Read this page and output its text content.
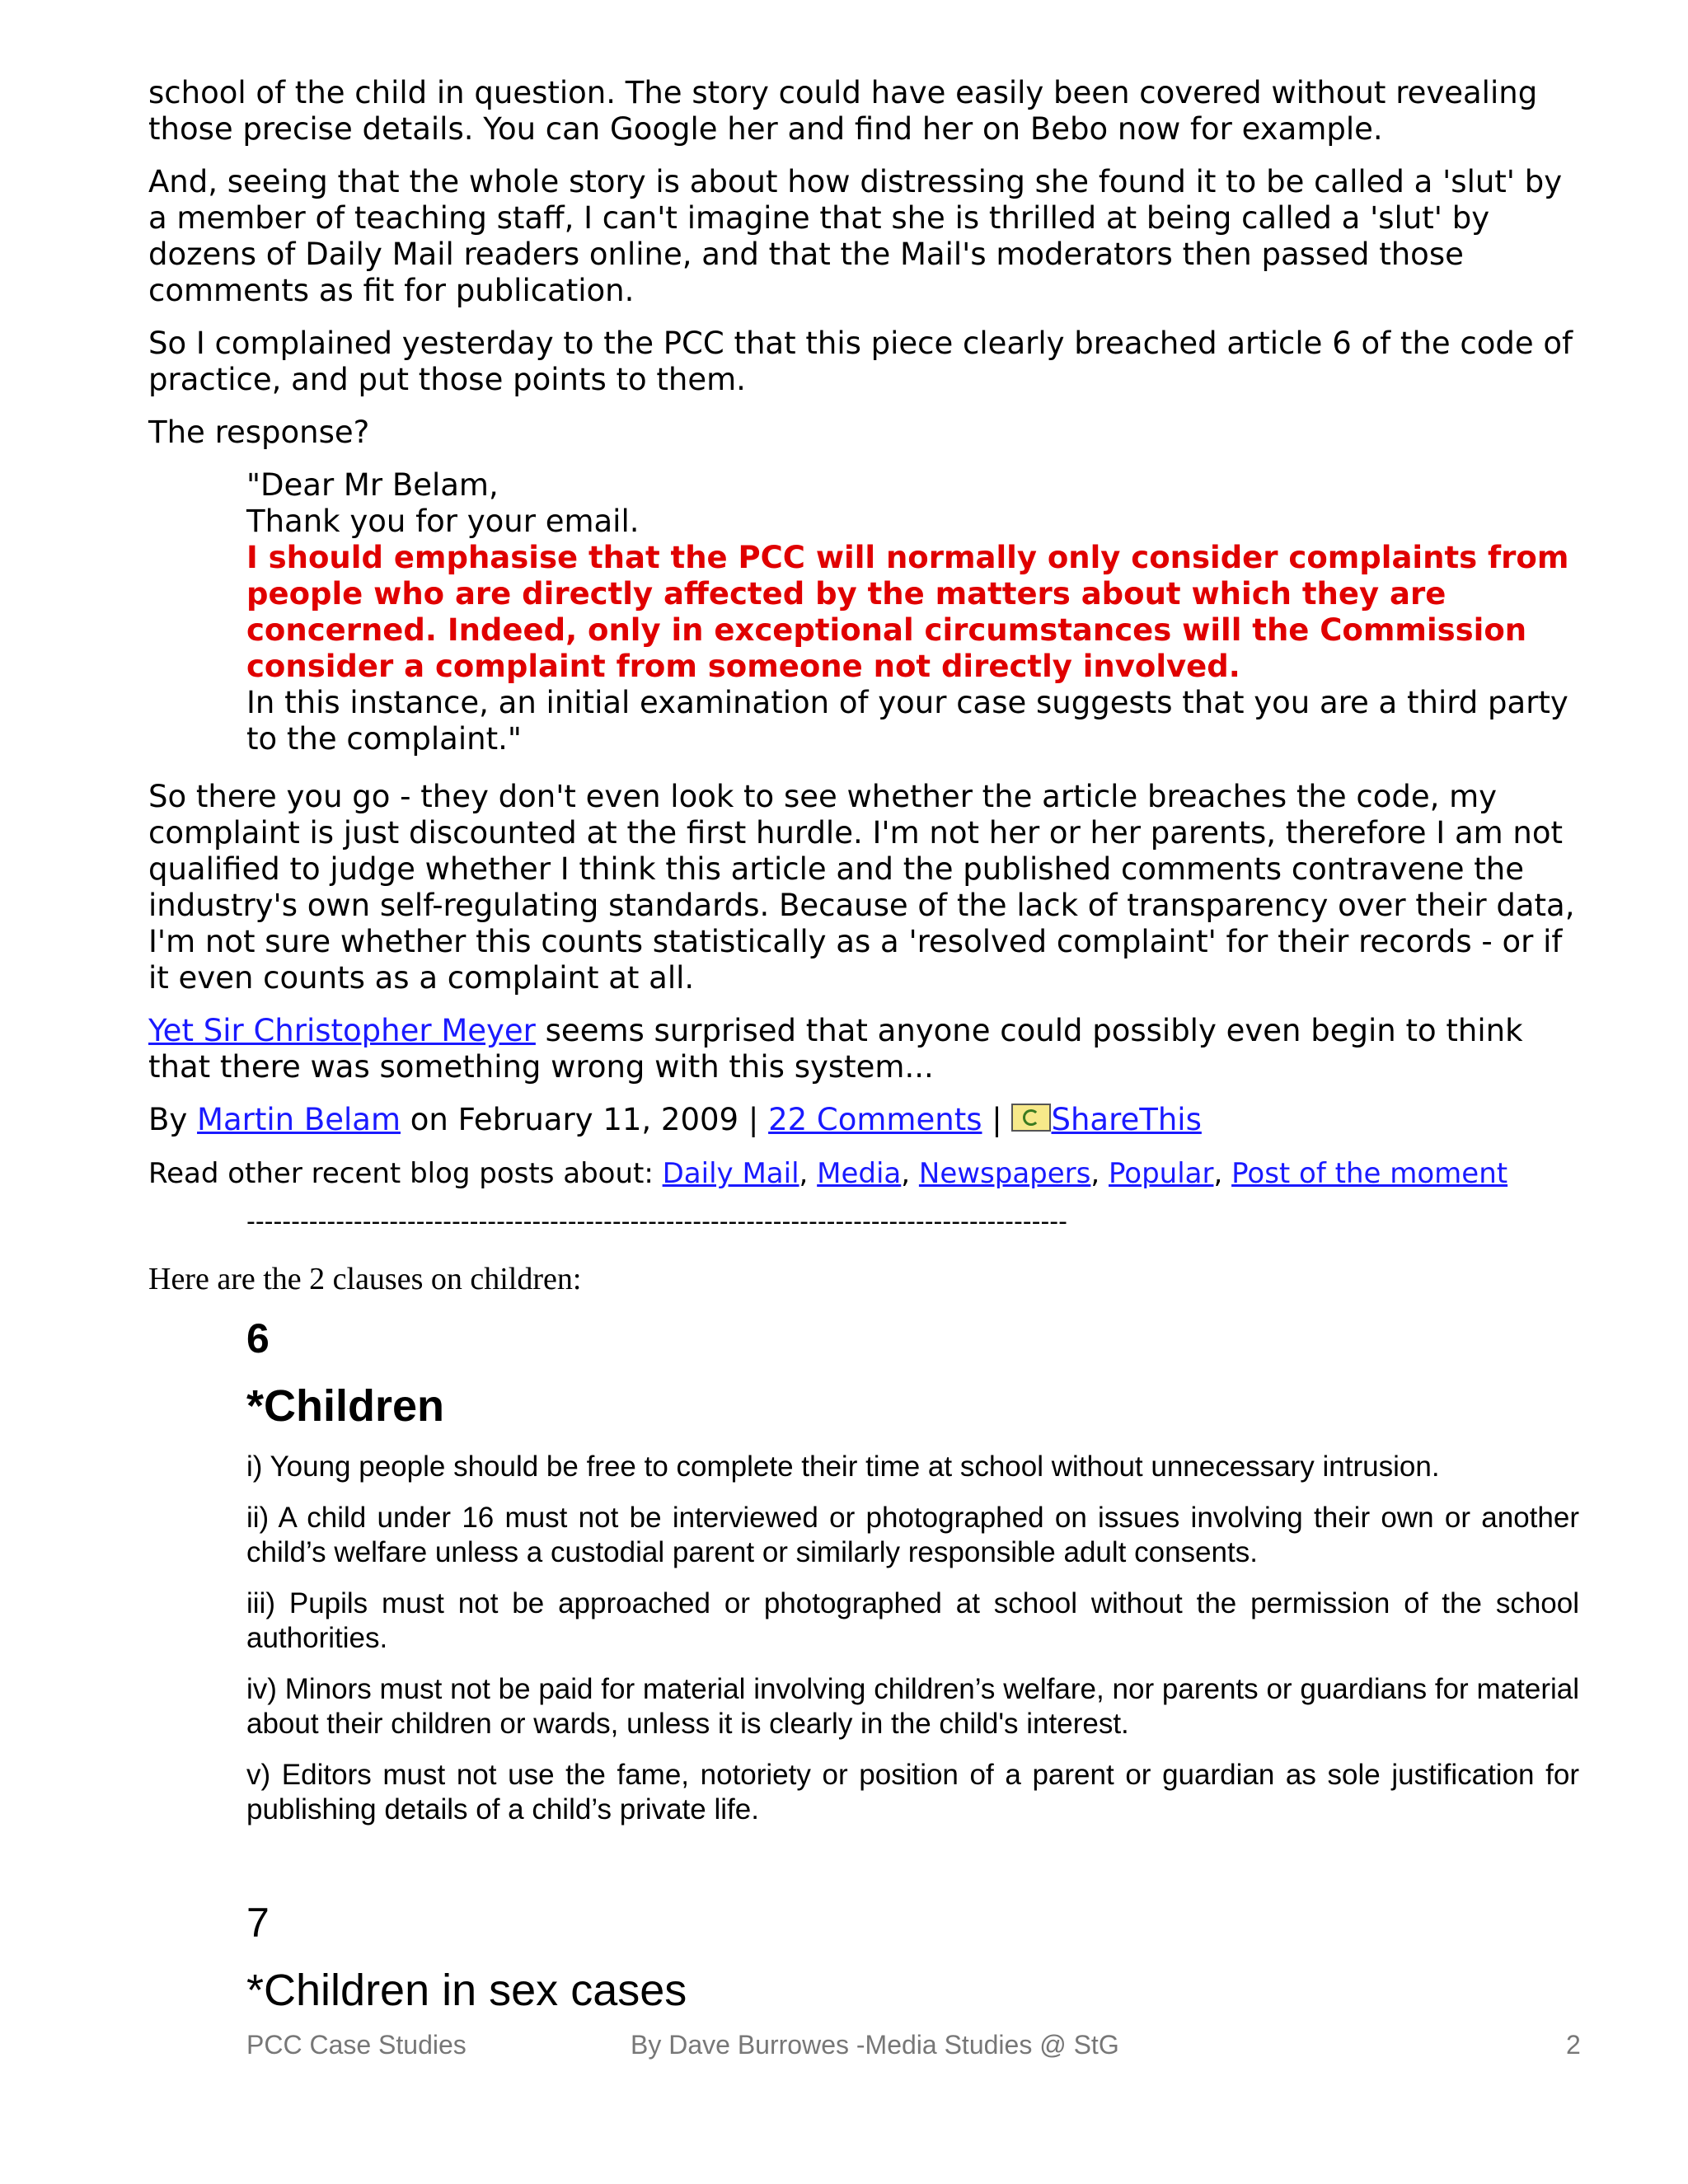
school of the child in question. The story could have easily been covered without revealing those precise details. You can Google her and find her on Bebo now for example.

And, seeing that the whole story is about how distressing she found it to be called a 'slut' by a member of teaching staff, I can't imagine that she is thrilled at being called a 'slut' by dozens of Daily Mail readers online, and that the Mail's moderators then passed those comments as fit for publication.

So I complained yesterday to the PCC that this piece clearly breached article 6 of the code of practice, and put those points to them.

The response?

"Dear Mr Belam,
Thank you for your email.
I should emphasise that the PCC will normally only consider complaints from people who are directly affected by the matters about which they are concerned. Indeed, only in exceptional circumstances will the Commission consider a complaint from someone not directly involved.
In this instance, an initial examination of your case suggests that you are a third party to the complaint."

So there you go - they don't even look to see whether the article breaches the code, my complaint is just discounted at the first hurdle. I'm not her or her parents, therefore I am not qualified to judge whether I think this article and the published comments contravene the industry's own self-regulating standards. Because of the lack of transparency over their data, I'm not sure whether this counts statistically as a 'resolved complaint' for their records - or if it even counts as a complaint at all.

Yet Sir Christopher Meyer seems surprised that anyone could possibly even begin to think that there was something wrong with this system...

By Martin Belam on February 11, 2009 | 22 Comments | ShareThis

Read other recent blog posts about: Daily Mail, Media, Newspapers, Popular, Post of the moment

--------------------------------------------------------------------------------------------

Here are the 2 clauses on children:

6
*Children
i) Young people should be free to complete their time at school without unnecessary intrusion.
ii) A child under 16 must not be interviewed or photographed on issues involving their own or another child’s welfare unless a custodial parent or similarly responsible adult consents.
iii) Pupils must not be approached or photographed at school without the permission of the school authorities.
iv) Minors must not be paid for material involving children’s welfare, nor parents or guardians for material about their children or wards, unless it is clearly in the child's interest.
v) Editors must not use the fame, notoriety or position of a parent or guardian as sole justification for publishing details of a child’s private life.
7
*Children in sex cases
PCC Case Studies	By Dave Burrowes -Media Studies @ StG	2
